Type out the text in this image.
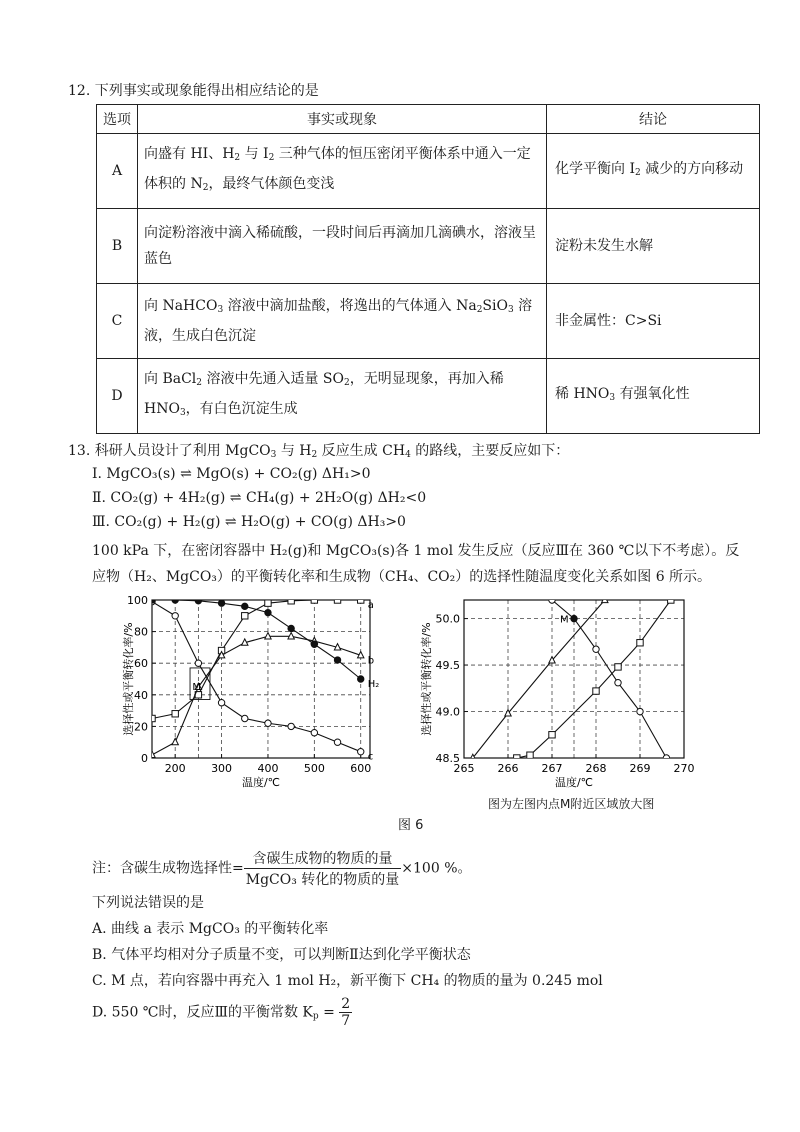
12. 下列事实或现象能得出相应结论的是
选项	事实或现象	结论
A	向盛有 HI、$H_2$ 与 $I_2$ 三种气体的恒压密闭平衡体系中通入一定体积的 $N_2$，最终气体颜色变浅	化学平衡向 $I_2$ 减少的方向移动
B	向淀粉溶液中滴入稀硫酸，一段时间后再滴加几滴碘水，溶液呈蓝色	淀粉未发生水解
C	向 NaHCO$_3$ 溶液中滴加盐酸，将逸出的气体通入 $Na_2SiO_3$ 溶液，生成白色沉淀	非金属性：C>Si
D	向 BaCl$_2$ 溶液中先通入适量 $SO_2$，无明显现象，再加入稀 $HNO_3$，有白色沉淀生成	稀 $HNO_3$ 有强氧化性
13. 科研人员设计了利用 MgCO$_3$ 与 $H_2$ 反应生成 $CH_4$ 的路线，主要反应如下：
Ⅰ. MgCO₃(s) ⇌ MgO(s) + CO₂(g) ΔH₁>0
Ⅱ. CO₂(g) + 4H₂(g) ⇌ CH₄(g) + 2H₂O(g) ΔH₂<0
Ⅲ. CO₂(g) + H₂(g) ⇌ H₂O(g) + CO(g) ΔH₃>0
100 kPa 下，在密闭容器中 H₂(g)和 MgCO₃(s)各 1 mol 发生反应（反应Ⅲ在 360 ℃以下不考虑）。反
应物（H₂、MgCO₃）的平衡转化率和生成物（CH₄、CO₂）的选择性随温度变化关系如图 6 所示。
200 300 400 500 600
0
20
40
60
80
100
温度/℃
选择性或平衡转化率/%
a
b
c
H₂
M
265 266 267 268 269 270
48.5
49.0
49.5
50.0
温度/℃
选择性或平衡转化率/%
M
图为左图内点M附近区域放大图
图 6
注：含碳生成物选择性= $\frac{\text{含碳生成物的物质的量}}{\text{MgCO₃ 转化的物质的量}} \times 100$ %。
下列说法错误的是
A. 曲线 a 表示 MgCO₃ 的平衡转化率
B. 气体平均相对分子质量不变，可以判断Ⅱ达到化学平衡状态
C. M 点，若向容器中再充入 1 mol H₂，新平衡下 CH₄ 的物质的量为 0.245 mol
D. 550 ℃时，反应Ⅲ的平衡常数 $K_p = \frac{2}{7}$
